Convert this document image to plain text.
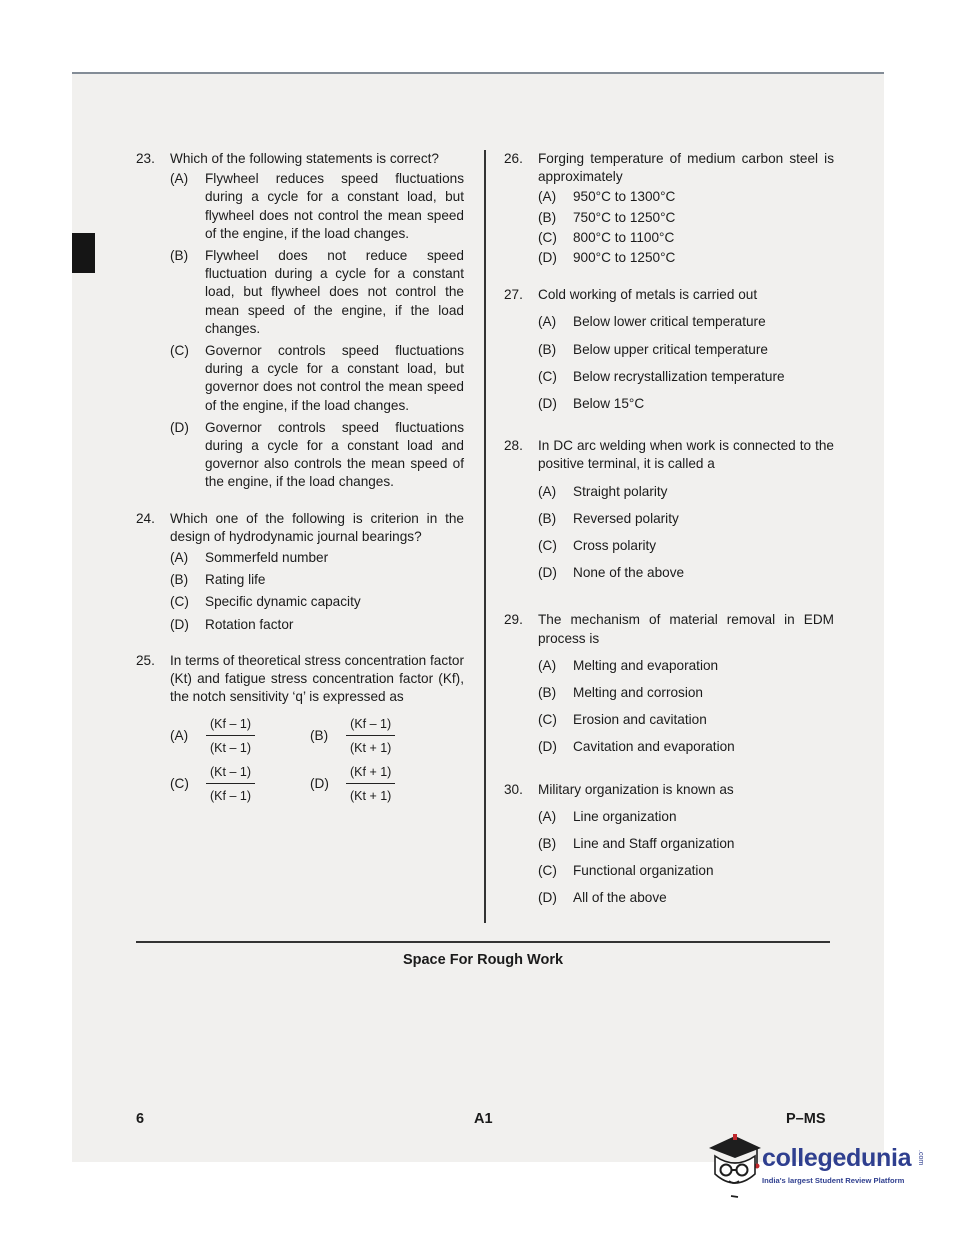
23.	Which of the following statements is correct?
(A)	Flywheel reduces speed fluctuations during a cycle for a constant load, but flywheel does not control the mean speed of the engine, if the load changes.
(B)	Flywheel does not reduce speed fluctuation during a cycle for a constant load, but flywheel does not control the mean speed of the engine, if the load changes.
(C)	Governor controls speed fluctuations during a cycle for a constant load, but governor does not control the mean speed of the engine, if the load changes.
(D)	Governor controls speed fluctuations during a cycle for a constant load and governor also controls the mean speed of the engine, if the load changes.
24.	Which one of the following is criterion in the design of hydrodynamic journal bearings?
(A)	Sommerfeld number
(B)	Rating life
(C)	Specific dynamic capacity
(D)	Rotation factor
25.	In terms of theoretical stress concentration factor (Kt) and fatigue stress concentration factor (Kf), the notch sensitivity ‘q’ is expressed as
(A)	$\frac{(Kf - 1)}{(Kt - 1)}$	(B)	$\frac{(Kf - 1)}{(Kt + 1)}$
(C)	$\frac{(Kt - 1)}{(Kf - 1)}$	(D)	$\frac{(Kf + 1)}{(Kt + 1)}$
26.	Forging temperature of medium carbon steel is approximately
(A)	950°C to 1300°C
(B)	750°C to 1250°C
(C)	800°C to 1100°C
(D)	900°C to 1250°C
27.	Cold working of metals is carried out
(A)	Below lower critical temperature
(B)	Below upper critical temperature
(C)	Below recrystallization temperature
(D)	Below 15°C
28.	In DC arc welding when work is connected to the positive terminal, it is called a
(A)	Straight polarity
(B)	Reversed polarity
(C)	Cross polarity
(D)	None of the above
29.	The mechanism of material removal in EDM process is
(A)	Melting and evaporation
(B)	Melting and corrosion
(C)	Erosion and cavitation
(D)	Cavitation and evaporation
30.	Military organization is known as
(A)	Line organization
(B)	Line and Staff organization
(C)	Functional organization
(D)	All of the above
Space For Rough Work
6	A1	P–MS
collegedunia .com
India's largest Student Review Platform
